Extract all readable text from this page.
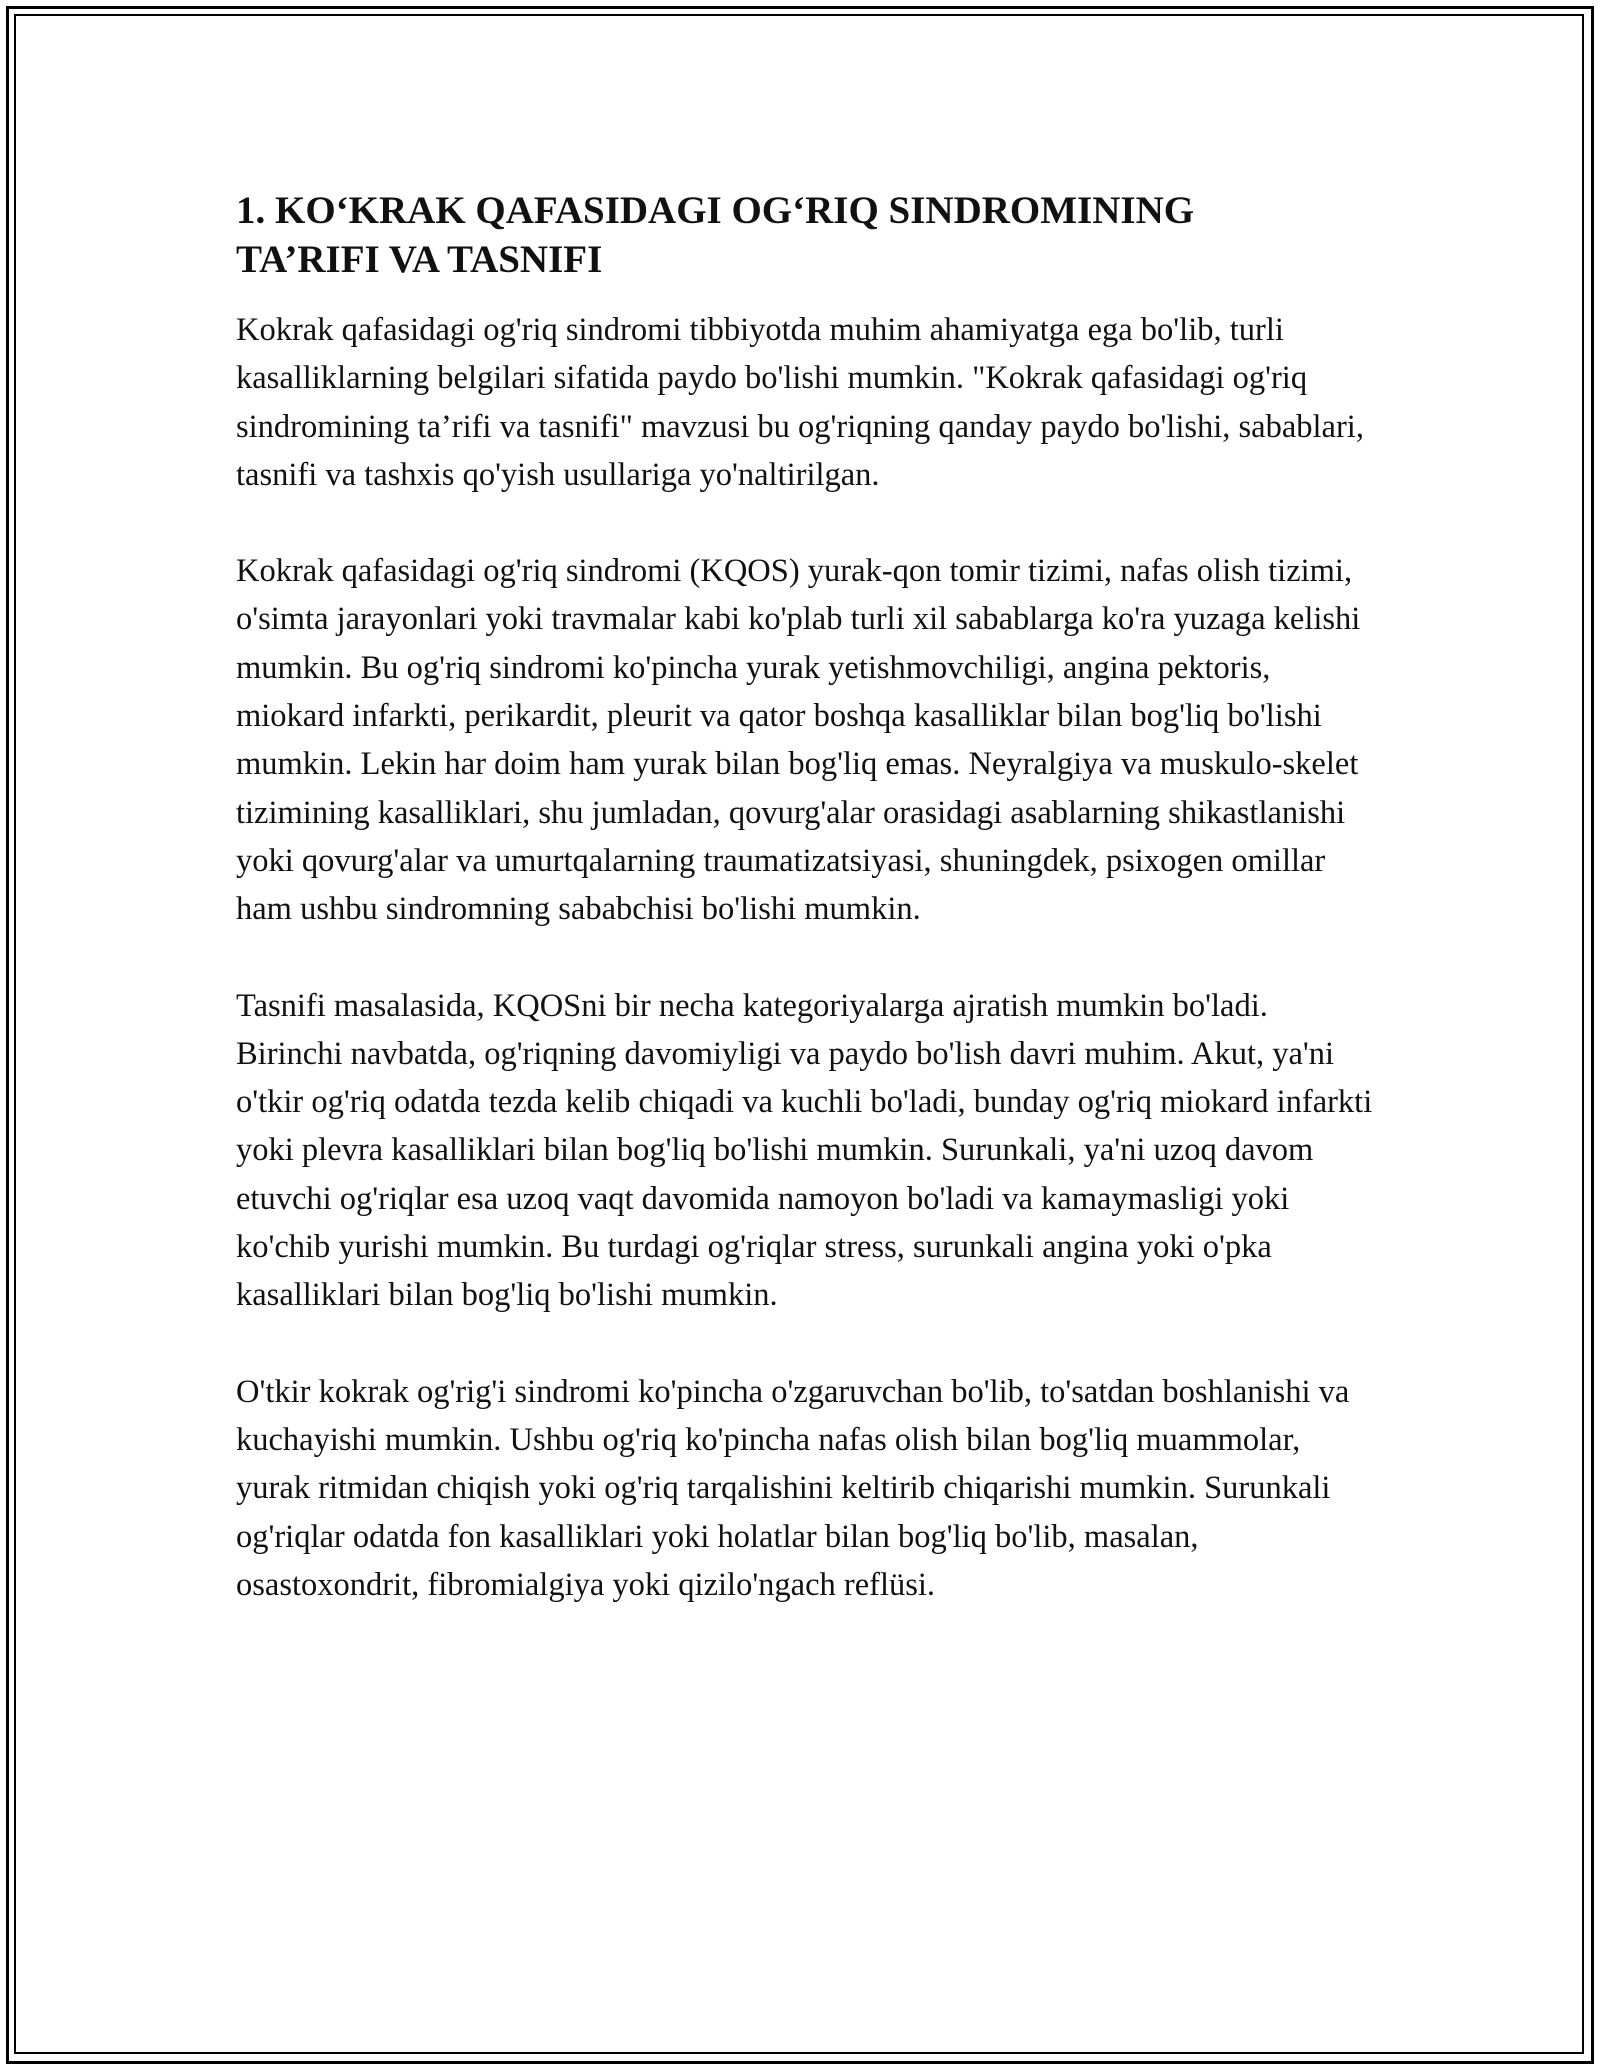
1. KO‘KRAK QAFASIDAGI OG‘RIQ SINDROMINING
TA’RIFI VA TASNIFI

Kokrak qafasidagi og'riq sindromi tibbiyotda muhim ahamiyatga ega bo'lib, turli kasalliklarning belgilari sifatida paydo bo'lishi mumkin. "Kokrak qafasidagi og'riq sindromining ta’rifi va tasnifi" mavzusi bu og'riqning qanday paydo bo'lishi, sabablari, tasnifi va tashxis qo'yish usullariga yo'naltirilgan.

Kokrak qafasidagi og'riq sindromi (KQOS) yurak-qon tomir tizimi, nafas olish tizimi, o'simta jarayonlari yoki travmalar kabi ko'plab turli xil sabablarga ko'ra yuzaga kelishi mumkin. Bu og'riq sindromi ko'pincha yurak yetishmovchiligi, angina pektoris, miokard infarkti, perikardit, pleurit va qator boshqa kasalliklar bilan bog'liq bo'lishi mumkin. Lekin har doim ham yurak bilan bog'liq emas. Neyralgiya va muskulo-skelet tizimining kasalliklari, shu jumladan, qovurg'alar orasidagi asablarning shikastlanishi yoki qovurg'alar va umurtqalarning traumatizatsiyasi, shuningdek, psixogen omillar ham ushbu sindromning sababchisi bo'lishi mumkin.

Tasnifi masalasida, KQOSni bir necha kategoriyalarga ajratish mumkin bo'ladi. Birinchi navbatda, og'riqning davomiyligi va paydo bo'lish davri muhim. Akut, ya'ni o'tkir og'riq odatda tezda kelib chiqadi va kuchli bo'ladi, bunday og'riq miokard infarkti yoki plevra kasalliklari bilan bog'liq bo'lishi mumkin. Surunkali, ya'ni uzoq davom etuvchi og'riqlar esa uzoq vaqt davomida namoyon bo'ladi va kamaymasligi yoki ko'chib yurishi mumkin. Bu turdagi og'riqlar stress, surunkali angina yoki o'pka kasalliklari bilan bog'liq bo'lishi mumkin.

O'tkir kokrak og'rig'i sindromi ko'pincha o'zgaruvchan bo'lib, to'satdan boshlanishi va kuchayishi mumkin. Ushbu og'riq ko'pincha nafas olish bilan bog'liq muammolar, yurak ritmidan chiqish yoki og'riq tarqalishini keltirib chiqarishi mumkin. Surunkali og'riqlar odatda fon kasalliklari yoki holatlar bilan bog'liq bo'lib, masalan, osastoxondrit, fibromialgiya yoki qizilo'ngach reflüsi.
